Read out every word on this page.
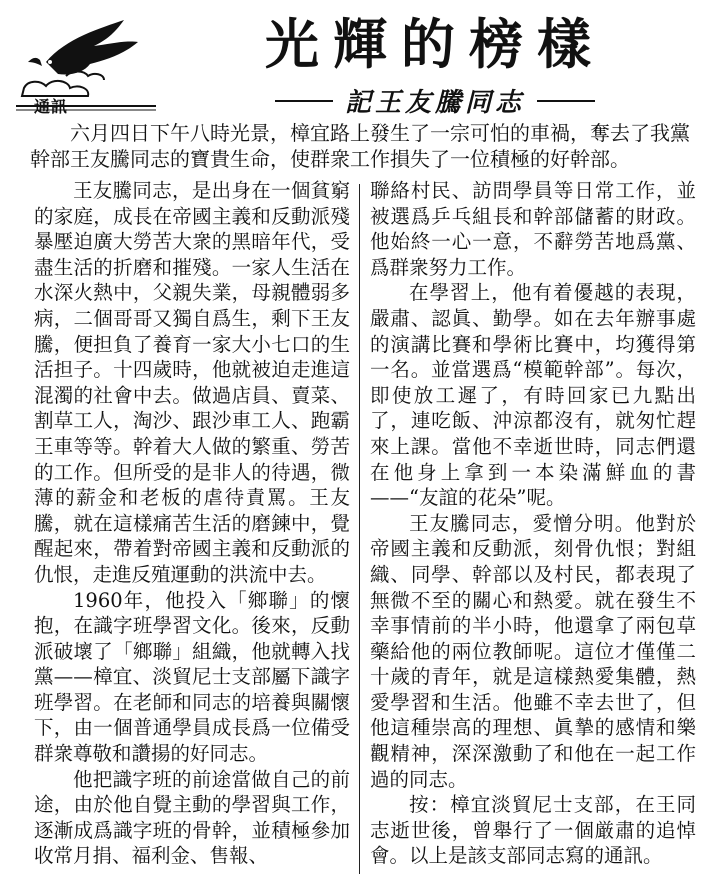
通訊
光輝的榜樣
記王友騰同志
六月四日下午八時光景，樟宜路上發生了一宗可怕的車禍，奪去了我黨幹部王友騰同志的寶貴生命，使群衆工作損失了一位積極的好幹部。

王友騰同志，是出身在一個貧窮的家庭，成長在帝國主義和反動派殘暴壓迫廣大勞苦大衆的黑暗年代，受盡生活的折磨和摧殘。一家人生活在水深火熱中，父親失業，母親體弱多病，二個哥哥又獨自爲生，剩下王友騰，便担負了養育一家大小七口的生活担子。十四歲時，他就被迫走進這混濁的社會中去。做過店員、賣菜、割草工人，淘沙、跟沙車工人、跑霸王車等等。幹着大人做的繁重、勞苦的工作。但所受的是非人的待遇，微薄的薪金和老板的虐待責罵。王友騰，就在這樣痛苦生活的磨鍊中，覺醒起來，帶着對帝國主義和反動派的仇恨，走進反殖運動的洪流中去。

1960年，他投入「鄉聯」的懷抱，在識字班學習文化。後來，反動派破壞了「鄉聯」組織，他就轉入找黨——樟宜、淡貿尼士支部屬下識字班學習。在老師和同志的培養與關懷下，由一個普通學員成長爲一位備受群衆尊敬和讚揚的好同志。

他把識字班的前途當做自己的前途，由於他自覺主動的學習與工作，逐漸成爲識字班的骨幹，並積極參加收常月捐、福利金、售報、

聯絡村民、訪問學員等日常工作，並被選爲乒乓組長和幹部儲蓄的財政。他始終一心一意，不辭勞苦地爲黨、爲群衆努力工作。

在學習上，他有着優越的表現，嚴肅、認眞、勤學。如在去年辦事處的演講比賽和學術比賽中，均獲得第一名。並當選爲“模範幹部”。每次，即使放工遲了，有時回家已九點出了，連吃飯、沖涼都沒有，就匆忙趕來上課。當他不幸逝世時，同志們還在他身上拿到一本染滿鮮血的書——“友誼的花朵”呢。

王友騰同志，愛憎分明。他對於帝國主義和反動派，刻骨仇恨；對組織、同學、幹部以及村民，都表現了無微不至的關心和熱愛。就在發生不幸事情前的半小時，他還拿了兩包草藥給他的兩位教師呢。這位才僅僅二十歲的青年，就是這樣熱愛集體，熱愛學習和生活。他雖不幸去世了，但他這種崇高的理想、眞摯的感情和樂觀精神，深深激動了和他在一起工作過的同志。

按：樟宜淡貿尼士支部，在王同志逝世後，曾舉行了一個厳肅的追悼會。以上是該支部同志寫的通訊。
